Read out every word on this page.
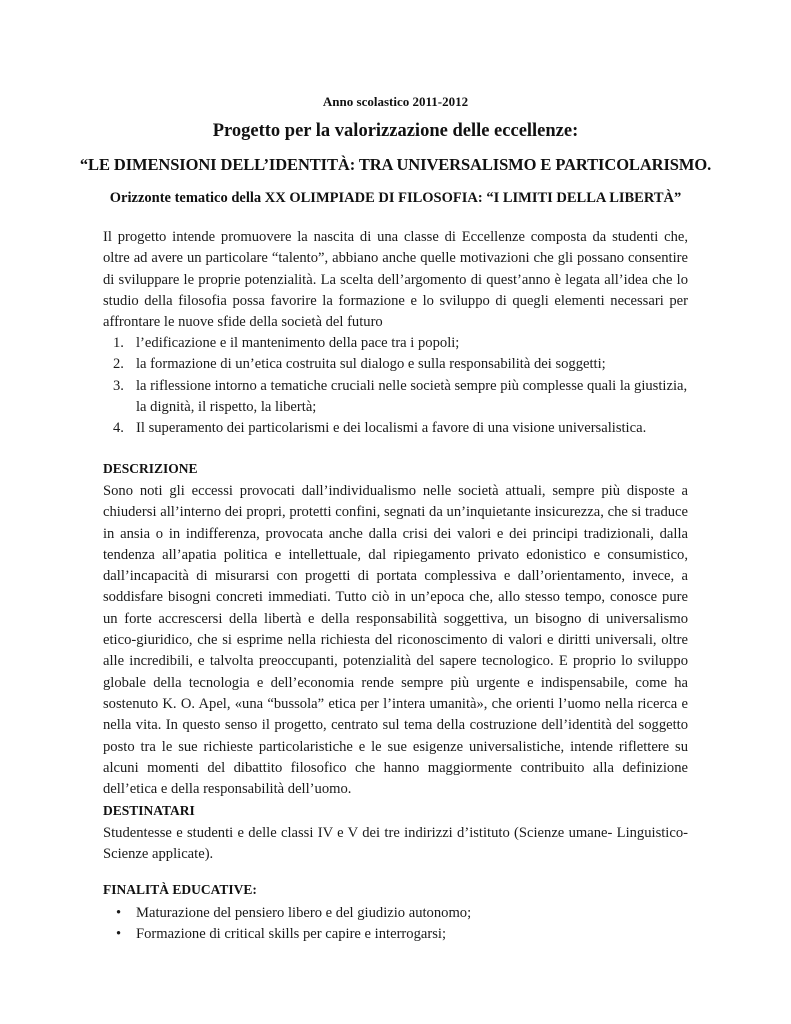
Anno scolastico 2011-2012
Progetto per la valorizzazione delle eccellenze:
“LE DIMENSIONI DELL’IDENTITÀ: TRA UNIVERSALISMO E PARTICOLARISMO.
Orizzonte tematico della XX OLIMPIADE DI FILOSOFIA: “I LIMITI DELLA LIBERTÀ”
Il progetto intende promuovere la nascita di una classe di Eccellenze composta da studenti che, oltre ad avere un particolare “talento”, abbiano anche quelle motivazioni che gli possano consentire di sviluppare le proprie potenzialità. La scelta dell’argomento di quest’anno è legata all’idea che lo studio della filosofia possa favorire la formazione e lo sviluppo di quegli elementi necessari per affrontare le nuove sfide della società del futuro
1. l’edificazione e il mantenimento della pace tra i popoli;
2. la formazione di un’etica costruita sul dialogo e sulla responsabilità dei soggetti;
3. la riflessione intorno a tematiche cruciali nelle società sempre più complesse quali la giustizia, la dignità, il rispetto, la libertà;
4. Il superamento dei particolarismi e dei localismi a favore di una visione universalistica.
DESCRIZIONE
Sono noti gli eccessi provocati dall’individualismo nelle società attuali, sempre più disposte a chiudersi all’interno dei propri, protetti confini, segnati da un’inquietante insicurezza, che si traduce in ansia o in indifferenza, provocata anche dalla crisi dei valori e dei principi tradizionali, dalla tendenza all’apatia politica e intellettuale, dal ripiegamento privato edonistico e consumistico, dall’incapacità di misurarsi con progetti di portata complessiva e dall’orientamento, invece, a soddisfare bisogni concreti immediati. Tutto ciò in un’epoca che, allo stesso tempo, conosce pure un forte accrescersi della libertà e della responsabilità soggettiva, un bisogno di universalismo etico-giuridico, che si esprime nella richiesta del riconoscimento di valori e diritti universali, oltre alle incredibili, e talvolta preoccupanti, potenzialità del sapere tecnologico. E proprio lo sviluppo globale della tecnologia e dell’economia rende sempre più urgente e indispensabile, come ha sostenuto K. O. Apel, «una “bussola” etica per l’intera umanità», che orienti l’uomo nella ricerca e nella vita. In questo senso il progetto, centrato sul tema della costruzione dell’identità del soggetto posto tra le sue richieste particolaristiche e le sue esigenze universalistiche, intende riflettere su alcuni momenti del dibattito filosofico che hanno maggiormente contribuito alla definizione dell’etica e della responsabilità dell’uomo.
DESTINATARI
Studentesse e studenti e delle classi IV e V dei tre indirizzi d’istituto (Scienze umane- Linguistico- Scienze applicate).
FINALITÀ EDUCATIVE:
• Maturazione del pensiero libero e del giudizio autonomo;
• Formazione di critical skills per capire e interrogarsi;
